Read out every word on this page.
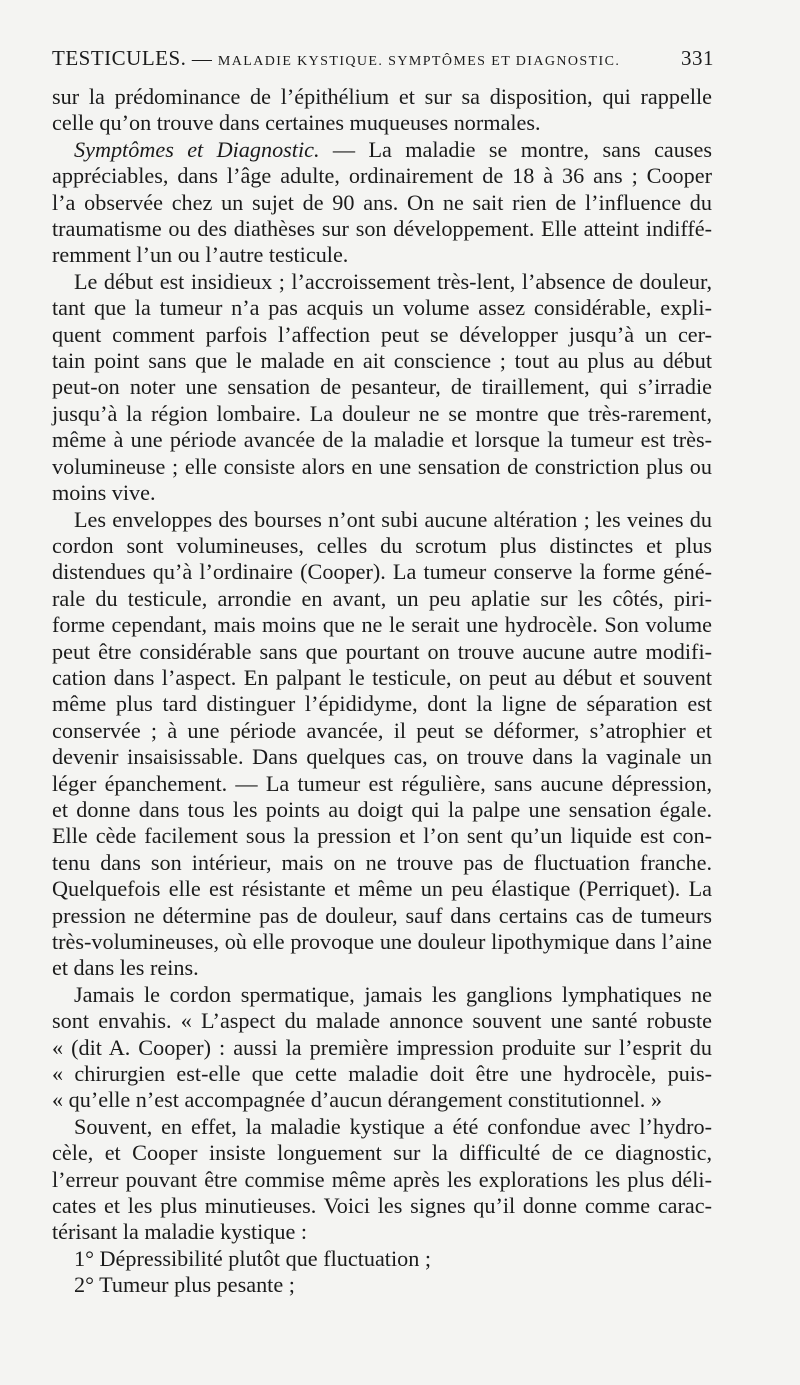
TESTICULES. — MALADIE KYSTIQUE. SYMPTÔMES ET DIAGNOSTIC.	331

sur la prédominance de l’épithélium et sur sa disposition, qui rappelle
celle qu’on trouve dans certaines muqueuses normales.

Symptômes et Diagnostic. — La maladie se montre, sans causes
appréciables, dans l’âge adulte, ordinairement de 18 à 36 ans ; Cooper
l’a observée chez un sujet de 90 ans. On ne sait rien de l’influence du
traumatisme ou des diathèses sur son développement. Elle atteint indiffé-
remment l’un ou l’autre testicule.

Le début est insidieux ; l’accroissement très-lent, l’absence de douleur,
tant que la tumeur n’a pas acquis un volume assez considérable, expli-
quent comment parfois l’affection peut se développer jusqu’à un cer-
tain point sans que le malade en ait conscience ; tout au plus au début
peut-on noter une sensation de pesanteur, de tiraillement, qui s’irradie
jusqu’à la région lombaire. La douleur ne se montre que très-rarement,
même à une période avancée de la maladie et lorsque la tumeur est très-
volumineuse ; elle consiste alors en une sensation de constriction plus ou
moins vive.

Les enveloppes des bourses n’ont subi aucune altération ; les veines du
cordon sont volumineuses, celles du scrotum plus distinctes et plus
distendues qu’à l’ordinaire (Cooper). La tumeur conserve la forme géné-
rale du testicule, arrondie en avant, un peu aplatie sur les côtés, piri-
forme cependant, mais moins que ne le serait une hydrocèle. Son volume
peut être considérable sans que pourtant on trouve aucune autre modifi-
cation dans l’aspect. En palpant le testicule, on peut au début et souvent
même plus tard distinguer l’épididyme, dont la ligne de séparation est
conservée ; à une période avancée, il peut se déformer, s’atrophier et
devenir insaisissable. Dans quelques cas, on trouve dans la vaginale un
léger épanchement. — La tumeur est régulière, sans aucune dépression,
et donne dans tous les points au doigt qui la palpe une sensation égale.
Elle cède facilement sous la pression et l’on sent qu’un liquide est con-
tenu dans son intérieur, mais on ne trouve pas de fluctuation franche.
Quelquefois elle est résistante et même un peu élastique (Perriquet). La
pression ne détermine pas de douleur, sauf dans certains cas de tumeurs
très-volumineuses, où elle provoque une douleur lipothymique dans l’aine
et dans les reins.

Jamais le cordon spermatique, jamais les ganglions lymphatiques ne
sont envahis. « L’aspect du malade annonce souvent une santé robuste
« (dit A. Cooper) : aussi la première impression produite sur l’esprit du
« chirurgien est-elle que cette maladie doit être une hydrocèle, puis-
« qu’elle n’est accompagnée d’aucun dérangement constitutionnel. »

Souvent, en effet, la maladie kystique a été confondue avec l’hydro-
cèle, et Cooper insiste longuement sur la difficulté de ce diagnostic,
l’erreur pouvant être commise même après les explorations les plus déli-
cates et les plus minutieuses. Voici les signes qu’il donne comme carac-
térisant la maladie kystique :

1° Dépressibilité plutôt que fluctuation ;

2° Tumeur plus pesante ;
